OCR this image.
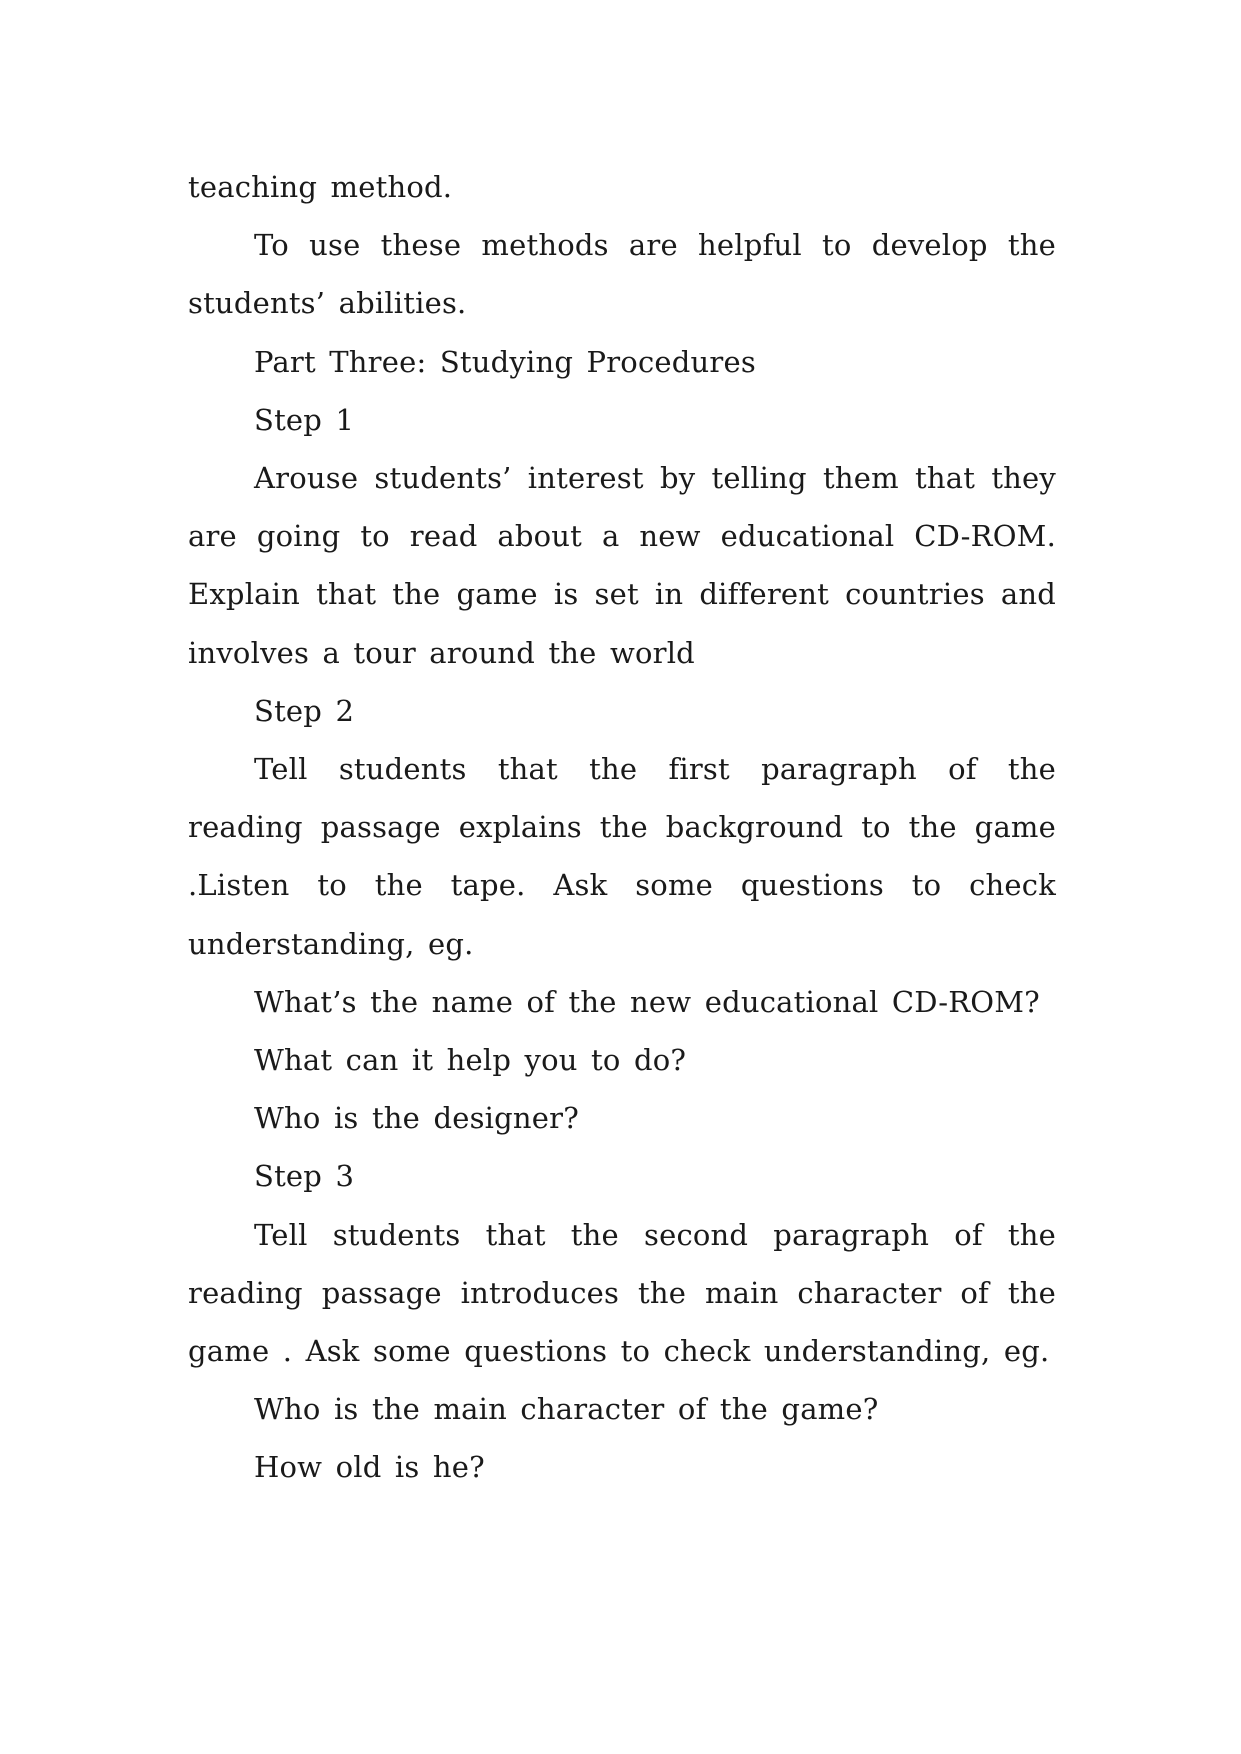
teaching method.

To use these methods are helpful to develop the students’ abilities.

Part Three: Studying Procedures

Step 1

Arouse students’ interest by telling them that they are going to read about a new educational CD-ROM. Explain that the game is set in different countries and involves a tour around the world

Step 2

Tell students that the first paragraph of the reading passage explains the background to the game .Listen to the tape. Ask some questions to check understanding, eg.

What’s the name of the new educational CD-ROM?

What can it help you to do?

Who is the designer?

Step 3

Tell students that the second paragraph of the reading passage introduces the main character of the game . Ask some questions to check understanding, eg.

Who is the main character of the game?

How old is he?
